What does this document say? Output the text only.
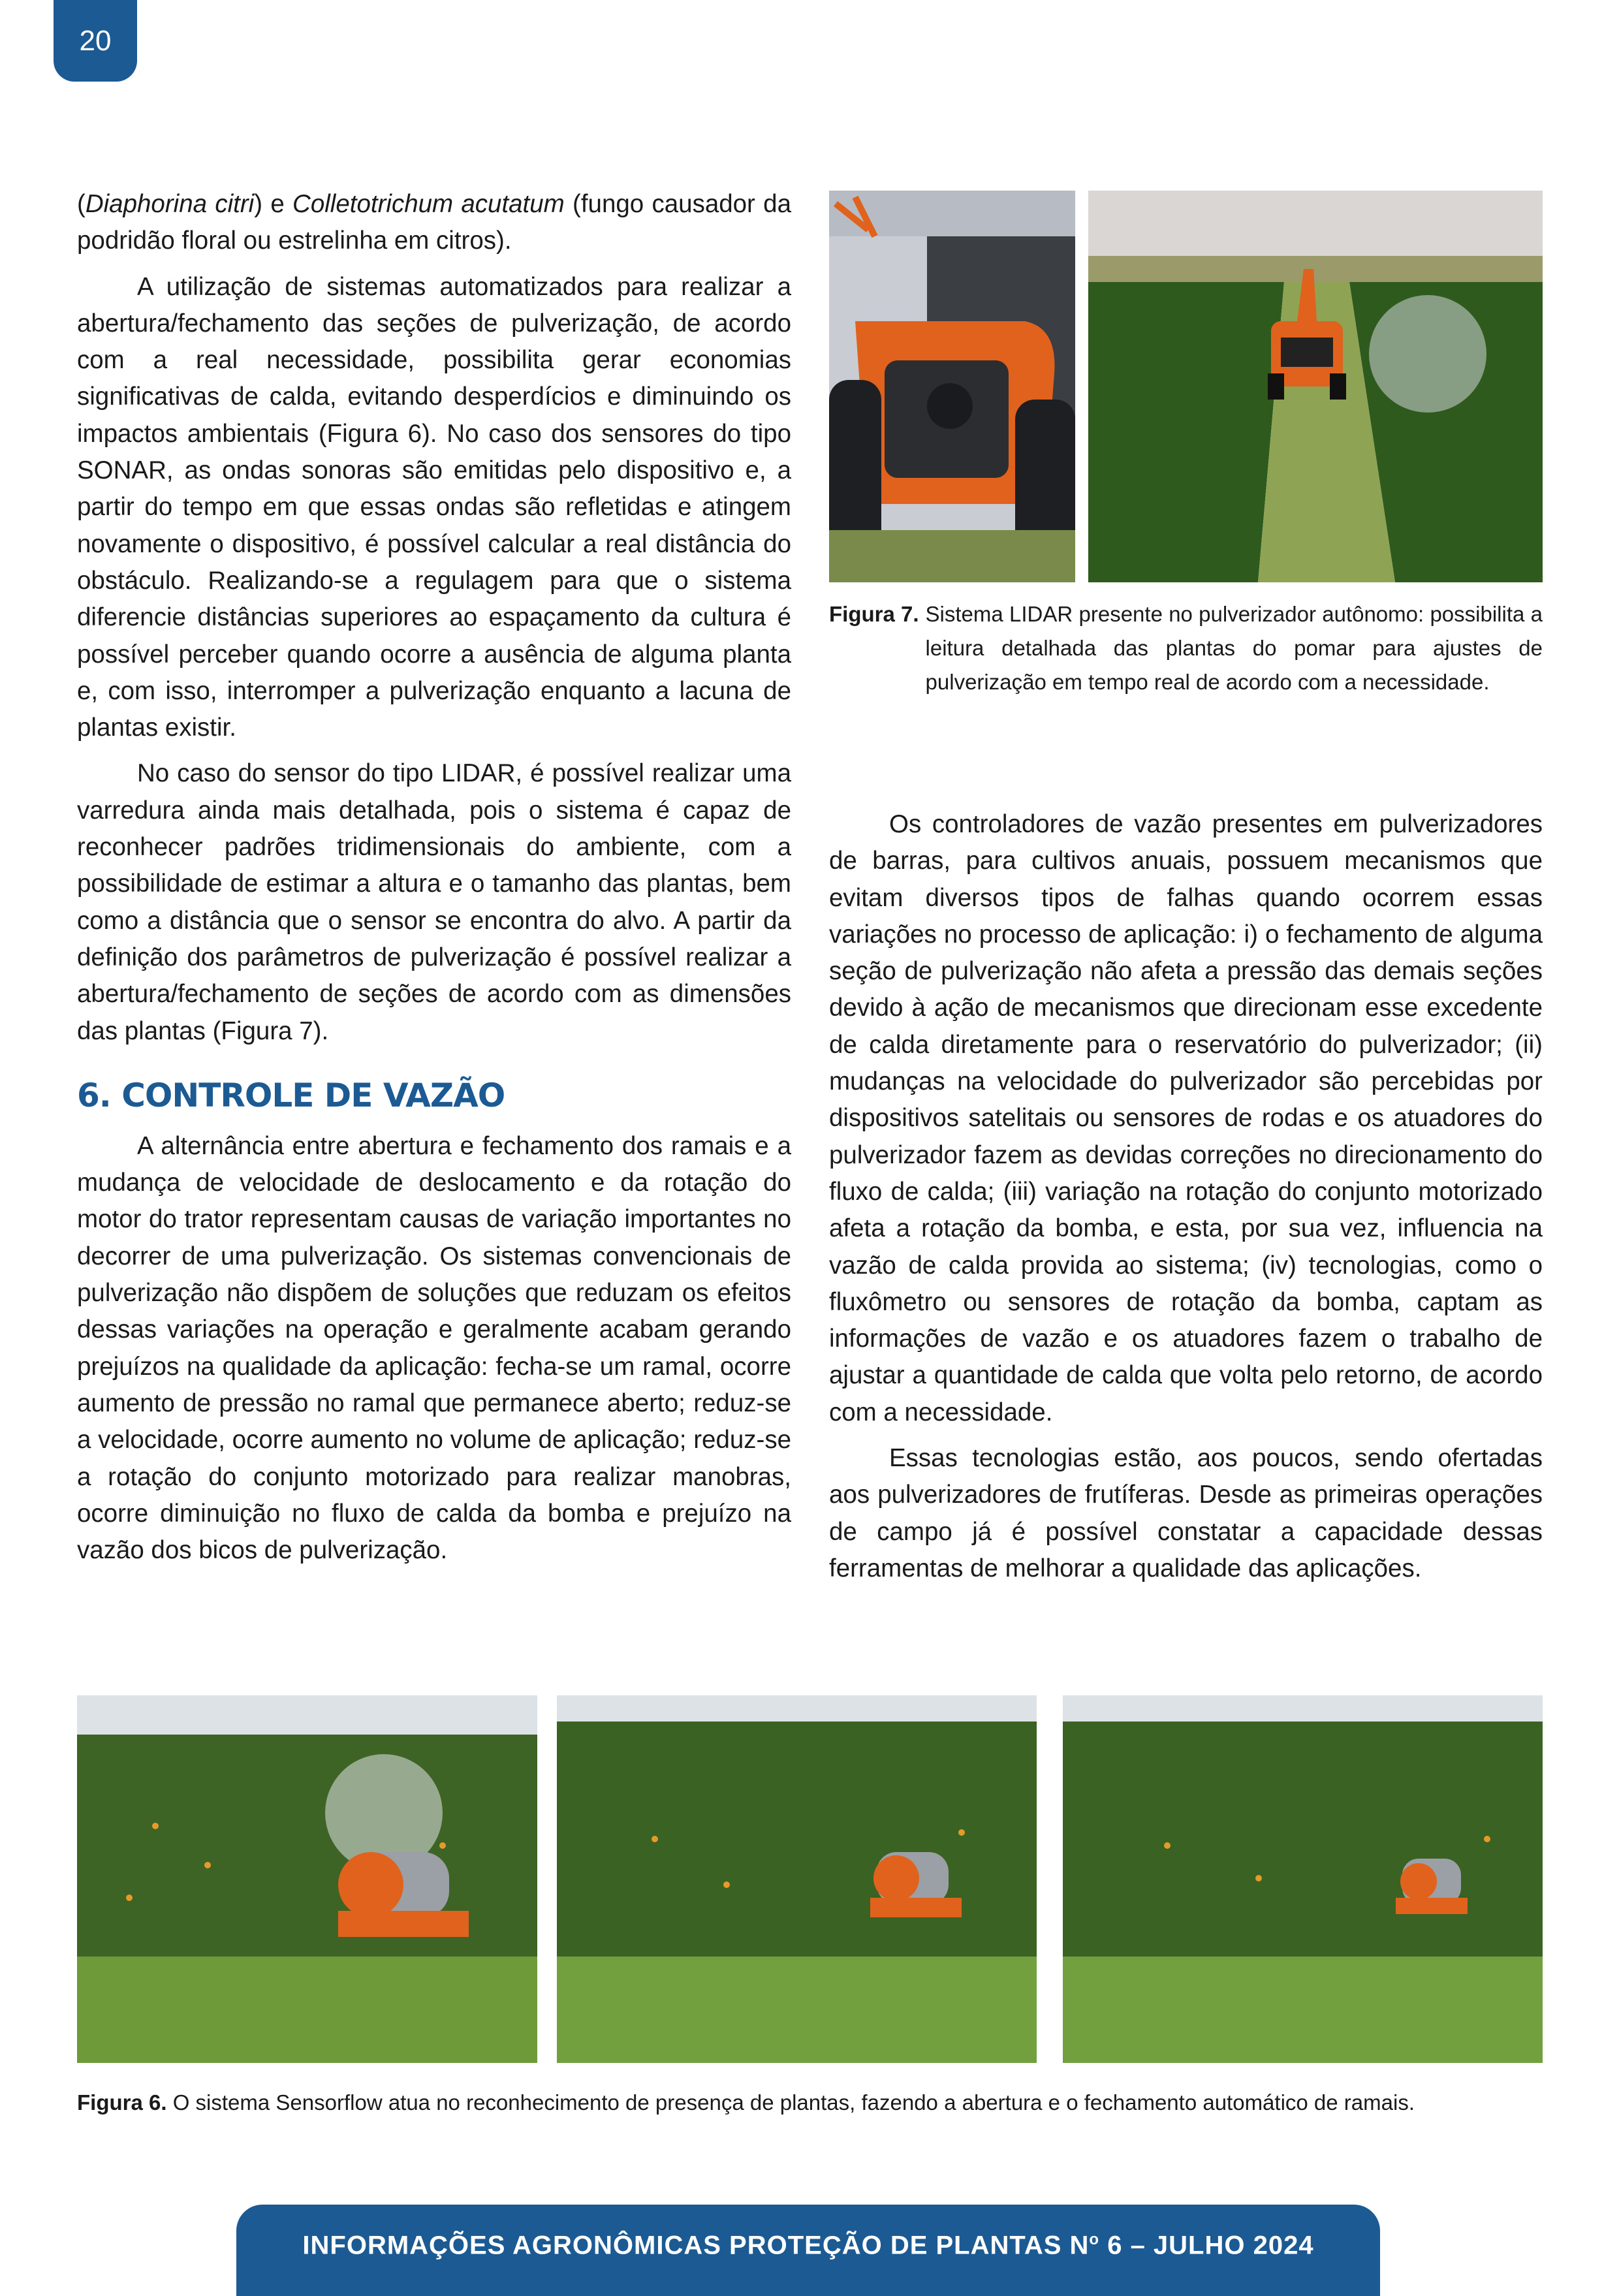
20
Figura 7. Sistema LIDAR presente no pulverizador autônomo: possibilita a leitura detalhada das plantas do pomar para ajustes de pulverização em tempo real de acordo com a necessidade.

(Diaphorina citri) e Colletotrichum acutatum (fungo causador da podridão floral ou estrelinha em citros).

A utilização de sistemas automatizados para realizar a abertura/fechamento das seções de pulverização, de acordo com a real necessidade, possibilita gerar economias significativas de calda, evitando desperdícios e diminuindo os impactos ambientais (Figura 6). No caso dos sensores do tipo SONAR, as ondas sonoras são emitidas pelo dispositivo e, a partir do tempo em que essas ondas são refletidas e atingem novamente o dispositivo, é possível calcular a real distância do obstáculo. Realizando-se a regulagem para que o sistema diferencie distâncias superiores ao espaçamento da cultura é possível perceber quando ocorre a ausência de alguma planta e, com isso, interromper a pulverização enquanto a lacuna de plantas existir.

No caso do sensor do tipo LIDAR, é possível realizar uma varredura ainda mais detalhada, pois o sistema é capaz de reconhecer padrões tridimensionais do ambiente, com a possibilidade de estimar a altura e o tamanho das plantas, bem como a distância que o sensor se encontra do alvo. A partir da definição dos parâmetros de pulverização é possível realizar a abertura/fechamento de seções de acordo com as dimensões das plantas (Figura 7).

6. CONTROLE DE VAZÃO

A alternância entre abertura e fechamento dos ramais e a mudança de velocidade de deslocamento e da rotação do motor do trator representam causas de variação importantes no decorrer de uma pulverização. Os sistemas convencionais de pulverização não dispõem de soluções que reduzam os efeitos dessas variações na operação e geralmente acabam gerando prejuízos na qualidade da aplicação: fecha-se um ramal, ocorre aumento de pressão no ramal que permanece aberto; reduz-se a velocidade, ocorre aumento no volume de aplicação; reduz-se a rotação do conjunto motorizado para realizar manobras, ocorre diminuição no fluxo de calda da bomba e prejuízo na vazão dos bicos de pulverização.

Os controladores de vazão presentes em pulverizadores de barras, para cultivos anuais, possuem mecanismos que evitam diversos tipos de falhas quando ocorrem essas variações no processo de aplicação: i) o fechamento de alguma seção de pulverização não afeta a pressão das demais seções devido à ação de mecanismos que direcionam esse excedente de calda diretamente para o reservatório do pulverizador; (ii) mudanças na velocidade do pulverizador são percebidas por dispositivos satelitais ou sensores de rodas e os atuadores do pulverizador fazem as devidas correções no direcionamento do fluxo de calda; (iii) variação na rotação do conjunto motorizado afeta a rotação da bomba, e esta, por sua vez, influencia na vazão de calda provida ao sistema; (iv) tecnologias, como o fluxômetro ou sensores de rotação da bomba, captam as informações de vazão e os atuadores fazem o trabalho de ajustar a quantidade de calda que volta pelo retorno, de acordo com a necessidade.

Essas tecnologias estão, aos poucos, sendo ofertadas aos pulverizadores de frutíferas. Desde as primeiras operações de campo já é possível constatar a capacidade dessas ferramentas de melhorar a qualidade das aplicações.

Figura 6. O sistema Sensorflow atua no reconhecimento de presença de plantas, fazendo a abertura e o fechamento automático de ramais.
INFORMAÇÕES AGRONÔMICAS PROTEÇÃO DE PLANTAS $N^o$ 6 – JULHO 2024
